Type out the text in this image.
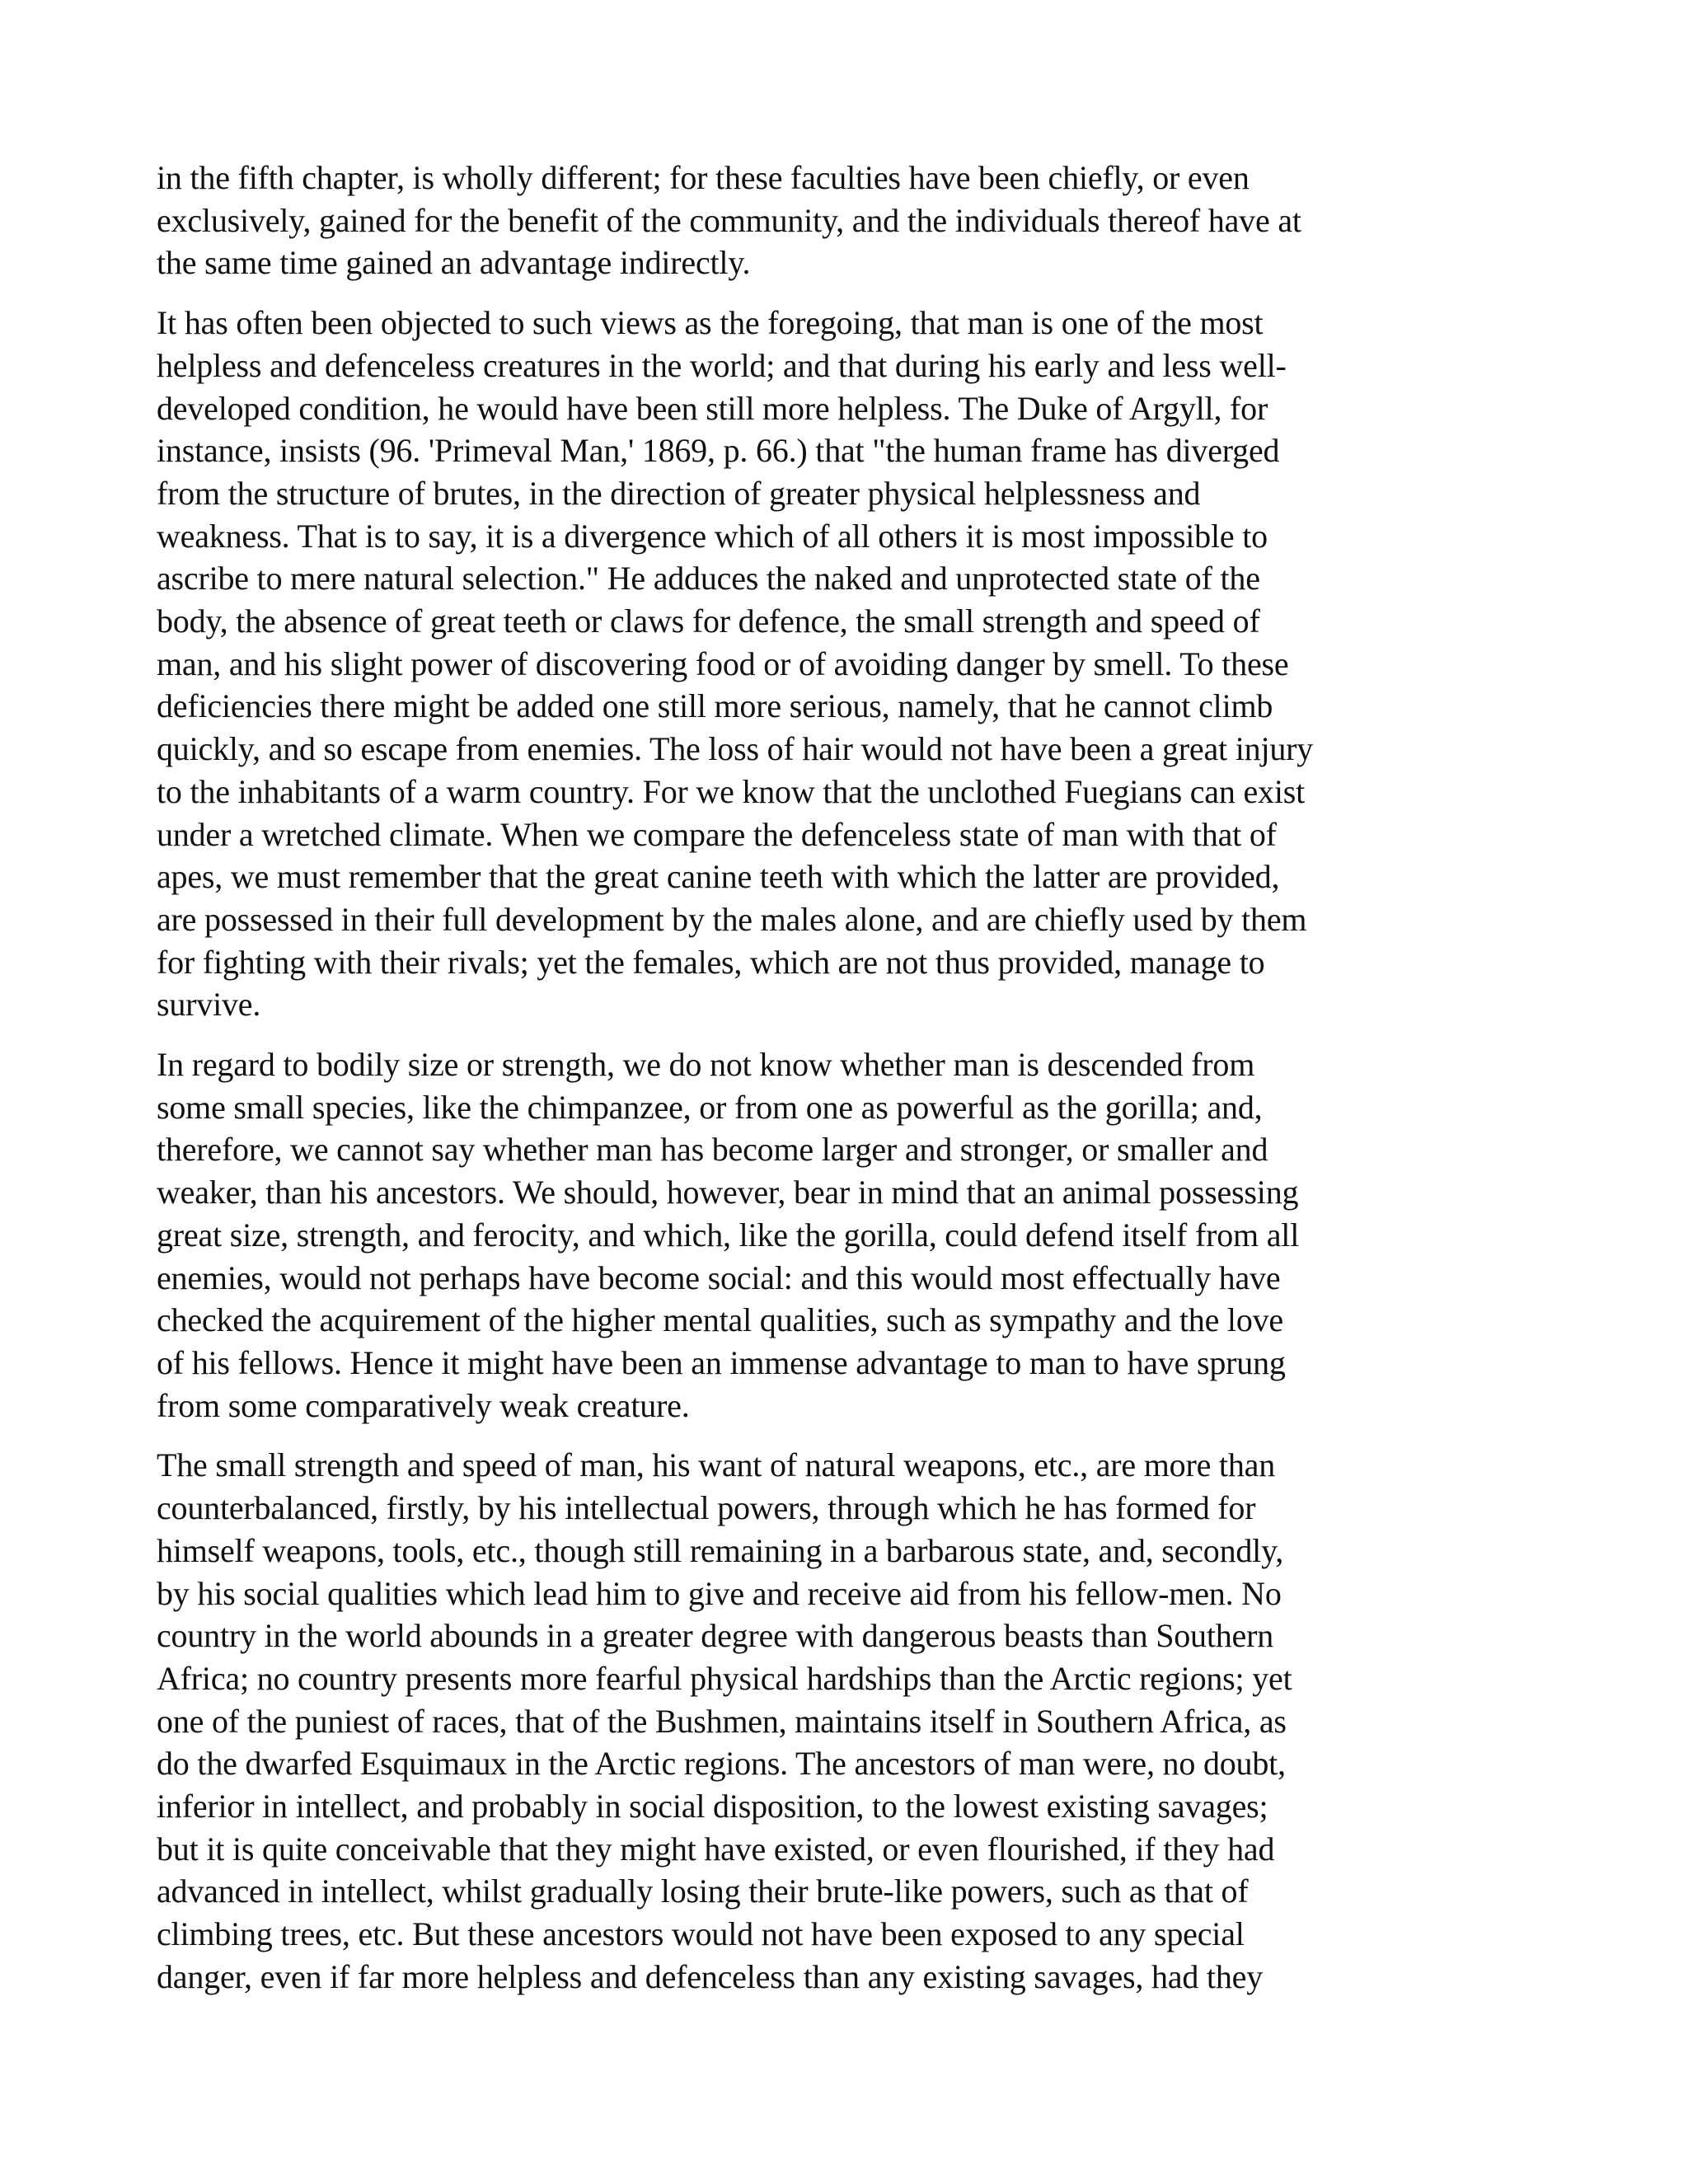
in the fifth chapter, is wholly different; for these faculties have been chiefly, or even
exclusively, gained for the benefit of the community, and the individuals thereof have at
the same time gained an advantage indirectly.

It has often been objected to such views as the foregoing, that man is one of the most
helpless and defenceless creatures in the world; and that during his early and less well-
developed condition, he would have been still more helpless. The Duke of Argyll, for
instance, insists (96. 'Primeval Man,' 1869, p. 66.) that "the human frame has diverged
from the structure of brutes, in the direction of greater physical helplessness and
weakness. That is to say, it is a divergence which of all others it is most impossible to
ascribe to mere natural selection." He adduces the naked and unprotected state of the
body, the absence of great teeth or claws for defence, the small strength and speed of
man, and his slight power of discovering food or of avoiding danger by smell. To these
deficiencies there might be added one still more serious, namely, that he cannot climb
quickly, and so escape from enemies. The loss of hair would not have been a great injury
to the inhabitants of a warm country. For we know that the unclothed Fuegians can exist
under a wretched climate. When we compare the defenceless state of man with that of
apes, we must remember that the great canine teeth with which the latter are provided,
are possessed in their full development by the males alone, and are chiefly used by them
for fighting with their rivals; yet the females, which are not thus provided, manage to
survive.

In regard to bodily size or strength, we do not know whether man is descended from
some small species, like the chimpanzee, or from one as powerful as the gorilla; and,
therefore, we cannot say whether man has become larger and stronger, or smaller and
weaker, than his ancestors. We should, however, bear in mind that an animal possessing
great size, strength, and ferocity, and which, like the gorilla, could defend itself from all
enemies, would not perhaps have become social: and this would most effectually have
checked the acquirement of the higher mental qualities, such as sympathy and the love
of his fellows. Hence it might have been an immense advantage to man to have sprung
from some comparatively weak creature.

The small strength and speed of man, his want of natural weapons, etc., are more than
counterbalanced, firstly, by his intellectual powers, through which he has formed for
himself weapons, tools, etc., though still remaining in a barbarous state, and, secondly,
by his social qualities which lead him to give and receive aid from his fellow-men. No
country in the world abounds in a greater degree with dangerous beasts than Southern
Africa; no country presents more fearful physical hardships than the Arctic regions; yet
one of the puniest of races, that of the Bushmen, maintains itself in Southern Africa, as
do the dwarfed Esquimaux in the Arctic regions. The ancestors of man were, no doubt,
inferior in intellect, and probably in social disposition, to the lowest existing savages;
but it is quite conceivable that they might have existed, or even flourished, if they had
advanced in intellect, whilst gradually losing their brute-like powers, such as that of
climbing trees, etc. But these ancestors would not have been exposed to any special
danger, even if far more helpless and defenceless than any existing savages, had they
